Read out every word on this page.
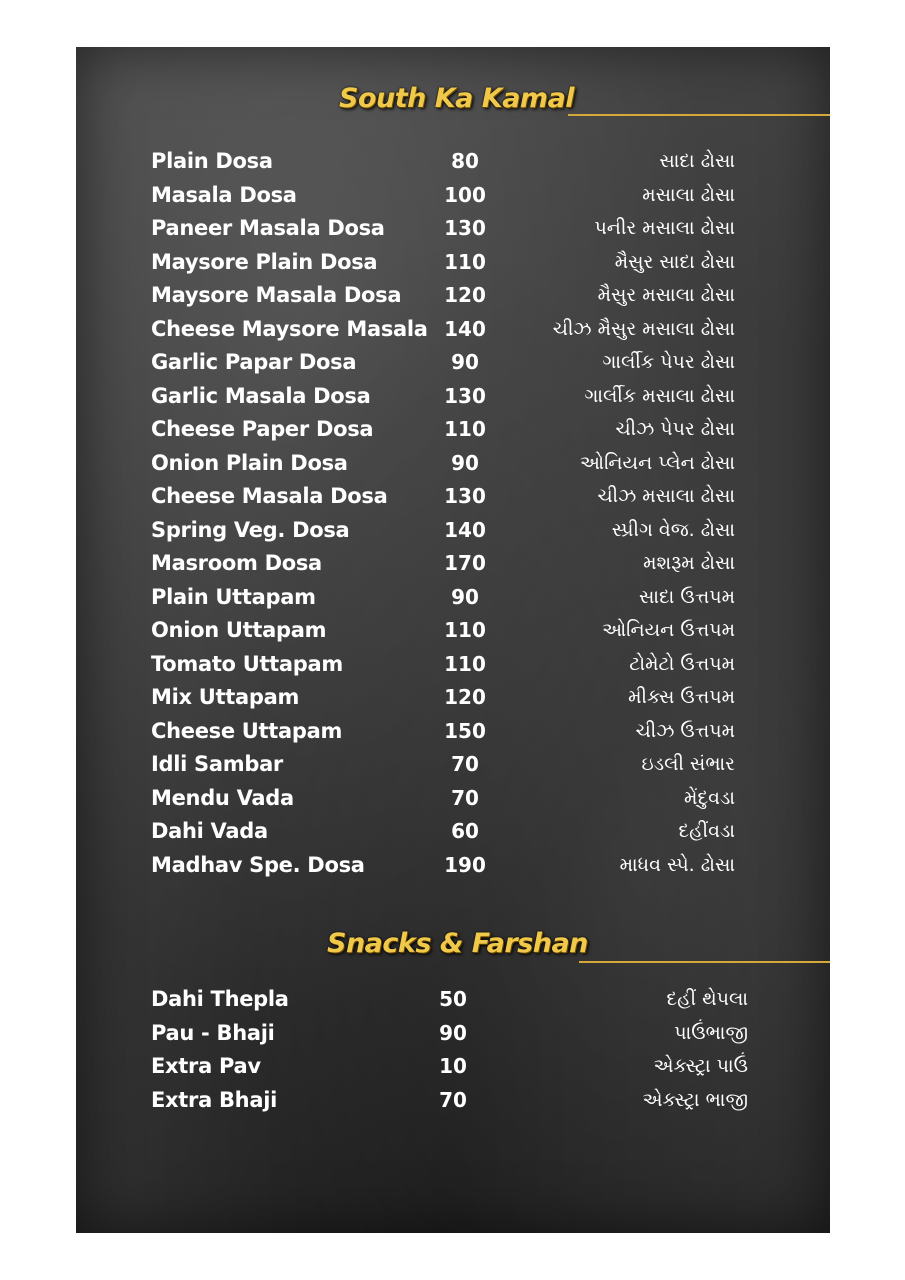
South Ka Kamal
Plain Dosa	80	સાદા ઢોસા
Masala Dosa	100	મસાલા ઢોસા
Paneer Masala Dosa	130	પનીર મસાલા ઢોસા
Maysore Plain Dosa	110	મૈસુર સાદા ઢોસા
Maysore Masala Dosa	120	મૈસુર મસાલા ઢોસા
Cheese Maysore Masala 140	ચીઝ મૈસુર મસાલા ઢોસા
Garlic Papar Dosa	90	ગાર્લીક પેપર ઢોસા
Garlic Masala Dosa	130	ગાર્લીક મસાલા ઢોસા
Cheese Paper Dosa	110	ચીઝ પેપર ઢોસા
Onion Plain Dosa	90	ઓનિયન પ્લેન ઢોસા
Cheese Masala Dosa	130	ચીઝ મસાલા ઢોસા
Spring Veg. Dosa	140	સ્પ્રીગ વેજ. ઢોસા
Masroom Dosa	170	મશરૂમ ઢોસા
Plain Uttapam	90	સાદા ઉત્તપમ
Onion Uttapam	110	ઓનિયન ઉત્તપમ
Tomato Uttapam	110	ટોમેટો ઉત્તપમ
Mix Uttapam	120	મીક્સ ઉત્તપમ
Cheese Uttapam	150	ચીઝ ઉત્તપમ
Idli Sambar	70	ઇડલી સંભાર
Mendu Vada	70	મેંદુવડા
Dahi Vada	60	દહીંવડા
Madhav Spe. Dosa	190	માધવ સ્પે. ઢોસા
Snacks & Farshan
Dahi Thepla	50	દહીં થેપલા
Pau - Bhaji	90	પાઉંભાજી
Extra Pav	10	એક્સ્ટ્રા પાઉં
Extra Bhaji	70	એક્સ્ટ્રા ભાજી
